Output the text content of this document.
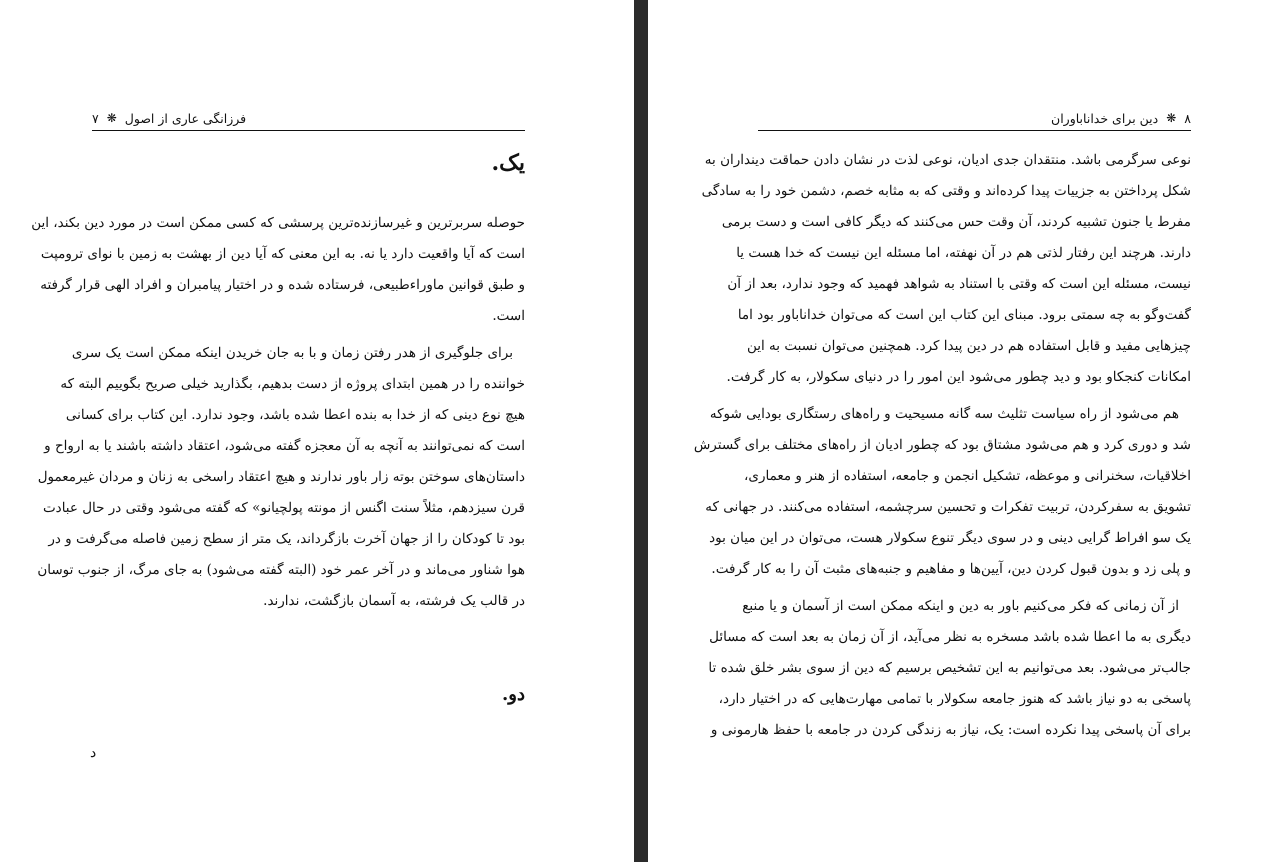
فرزانگی عاری از اصول
❋
۷
یک.
حوصله سربرترین و غیرسازنده‌ترین پرسشی که کسی ممکن است در مورد دین بکند، این
است که آیا واقعیت دارد یا نه. به این معنی که آیا دین از بهشت به زمین با نوای ترومپت
و طبق قوانین ماوراءطبیعی، فرستاده شده و در اختیار پیامبران و افراد الهی قرار گرفته
است.
برای جلوگیری از هدر رفتن زمان و با به جان خریدن اینکه ممکن است یک سری
خواننده را در همین ابتدای پروژه از دست بدهیم، بگذارید خیلی صریح بگوییم البته که
هیچ نوع دینی که از خدا به بنده اعطا شده باشد، وجود ندارد. این کتاب برای کسانی
است که نمی‌توانند به آنچه به آن معجزه گفته می‌شود، اعتقاد داشته باشند یا به ارواح و
داستان‌های سوختن بوته زار باور ندارند و هیچ اعتقاد راسخی به زنان و مردان غیرمعمول
قرن سیزدهم، مثلاً سنت اگنس از مونته پولچیانو» که گفته می‌شود وقتی در حال عبادت
بود تا کودکان را از جهان آخرت بازگرداند، یک متر از سطح زمین فاصله می‌گرفت و در
هوا شناور می‌ماند و در آخر عمر خود (البته گفته می‌شود) به جای مرگ، از جنوب توسان
در قالب یک فرشته، به آسمان بازگشت، ندارند.
دو.
د
۸
❋
دین برای خداناباوران
نوعی سرگرمی باشد. منتقدان جدی ادیان، نوعی لذت در نشان دادن حماقت دینداران به
شکل پرداختن به جزییات پیدا کرده‌اند و وقتی که به مثابه خصم، دشمن خود را به سادگی
مفرط یا جنون تشبیه کردند، آن وقت حس می‌کنند که دیگر کافی است و دست برمی
دارند. هرچند این رفتار لذتی هم در آن نهفته، اما مسئله این نیست که خدا هست یا
نیست، مسئله این است که وقتی با استناد به شواهد فهمید که وجود ندارد، بعد از آن
گفت‌وگو به چه سمتی برود. مبنای این کتاب این است که می‌توان خداناباور بود اما
چیزهایی مفید و قابل استفاده هم در دین پیدا کرد. همچنین می‌توان نسبت به این
امکانات کنجکاو بود و دید چطور می‌شود این امور را در دنیای سکولار، به کار گرفت.
هم می‌شود از راه سیاست تثلیث سه گانه مسیحیت و راه‌های رستگاری بودایی شوکه
شد و دوری کرد و هم می‌شود مشتاق بود که چطور ادیان از راه‌های مختلف برای گسترش
اخلاقیات، سخنرانی و موعظه، تشکیل انجمن و جامعه، استفاده از هنر و معماری،
تشویق به سفرکردن، تربیت تفکرات و تحسین سرچشمه، استفاده می‌کنند. در جهانی که
یک سو افراط گرایی دینی و در سوی دیگر تنوع سکولار هست، می‌توان در این میان بود
و پلی زد و بدون قبول کردن دین، آیین‌ها و مفاهیم و جنبه‌های مثبت آن را به کار گرفت.
از آن زمانی که فکر می‌کنیم باور به دین و اینکه ممکن است از آسمان و یا منبع
دیگری به ما اعطا شده باشد مسخره به نظر می‌آید، از آن زمان به بعد است که مسائل
جالب‌تر می‌شود. بعد می‌توانیم به این تشخیص برسیم که دین از سوی بشر خلق شده تا
پاسخی به دو نیاز باشد که هنوز جامعه سکولار با تمامی مهارت‌هایی که در اختیار دارد،
برای آن پاسخی پیدا نکرده است: یک، نیاز به زندگی کردن در جامعه با حفظ هارمونی و
